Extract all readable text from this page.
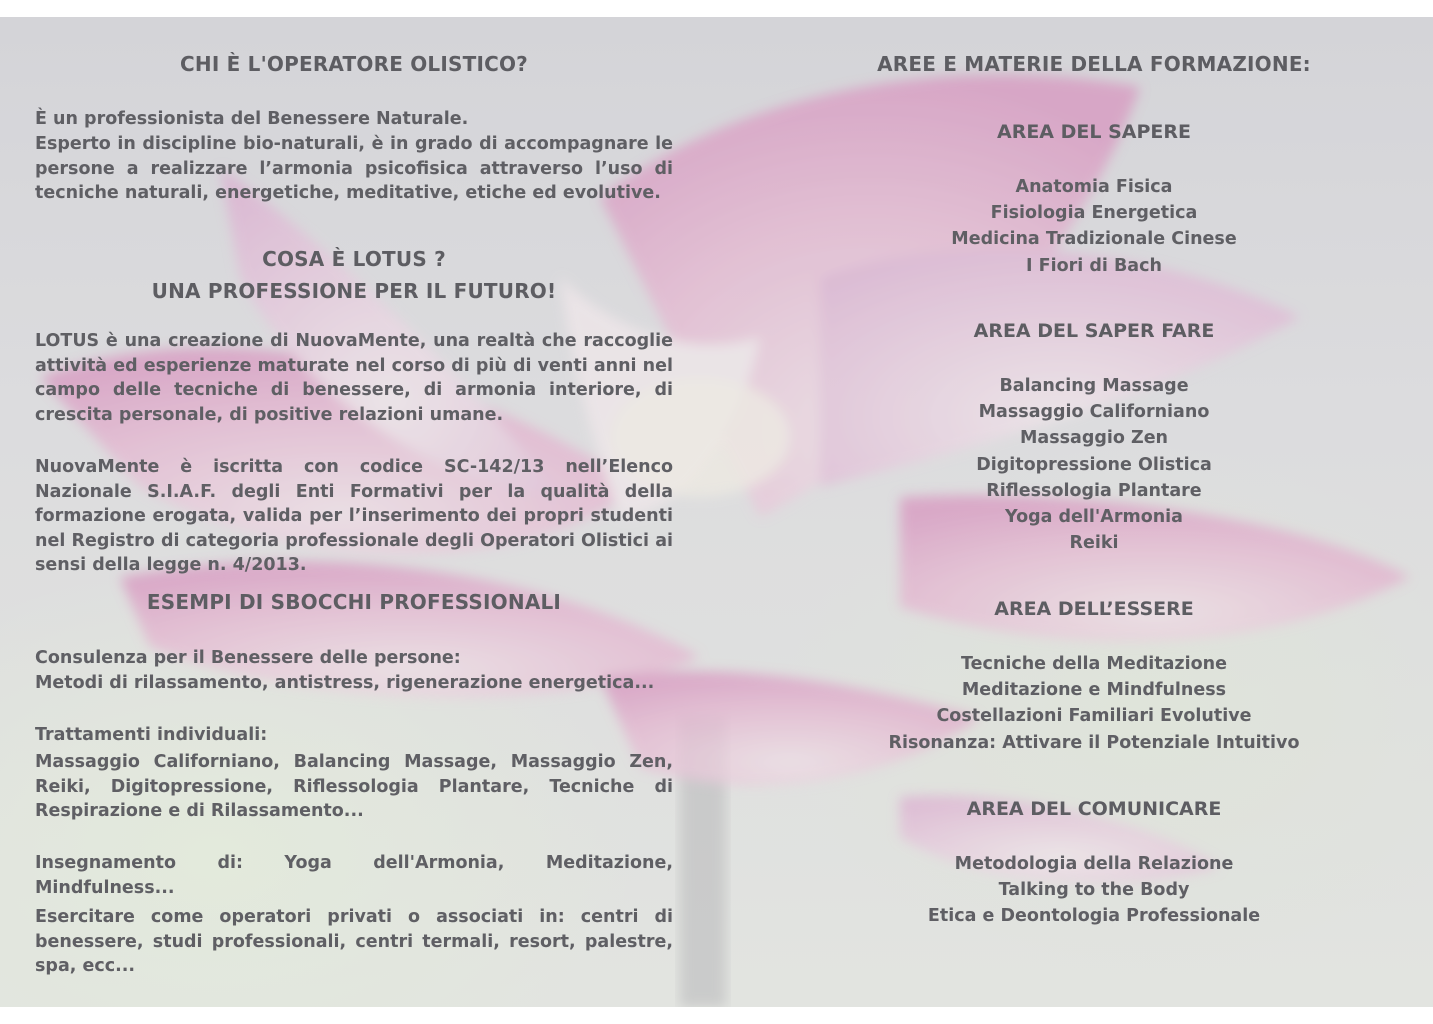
CHI È L'OPERATORE OLISTICO?

È un professionista del Benessere Naturale.

Esperto in discipline bio-naturali, è in grado di accompagnare le persone a realizzare l’armonia psicofisica attraverso l’uso di tecniche naturali, energetiche, meditative, etiche ed evolutive.

COSA È LOTUS ?
UNA PROFESSIONE PER IL FUTURO!

LOTUS è una creazione di NuovaMente, una realtà che raccoglie attività ed esperienze maturate nel corso di più di venti anni nel campo delle tecniche di benessere, di armonia interiore, di crescita personale, di positive relazioni umane.

NuovaMente è iscritta con codice SC-142/13 nell’Elenco Nazionale S.I.A.F. degli Enti Formativi per la qualità della formazione erogata, valida per l’inserimento dei propri studenti nel Registro di categoria professionale degli Operatori Olistici ai sensi della legge n. 4/2013.

ESEMPI DI SBOCCHI PROFESSIONALI

Consulenza per il Benessere delle persone:

Metodi di rilassamento, antistress, rigenerazione energetica...

Trattamenti individuali:

Massaggio Californiano, Balancing Massage, Massaggio Zen, Reiki, Digitopressione, Riflessologia Plantare, Tecniche di Respirazione e di Rilassamento...

Insegnamento di: Yoga dell'Armonia, Meditazione, Mindfulness...

Esercitare come operatori privati o associati in: centri di benessere, studi professionali, centri termali, resort, palestre, spa, ecc...

AREE E MATERIE DELLA FORMAZIONE:
AREA DEL SAPERE
Anatomia Fisica
Fisiologia Energetica
Medicina Tradizionale Cinese
I Fiori di Bach
AREA DEL SAPER FARE
Balancing Massage
Massaggio Californiano
Massaggio Zen
Digitopressione Olistica
Riflessologia Plantare
Yoga dell'Armonia
Reiki
AREA DELL’ESSERE
Tecniche della Meditazione
Meditazione e Mindfulness
Costellazioni Familiari Evolutive
Risonanza: Attivare il Potenziale Intuitivo
AREA DEL COMUNICARE
Metodologia della Relazione
Talking to the Body
Etica e Deontologia Professionale
